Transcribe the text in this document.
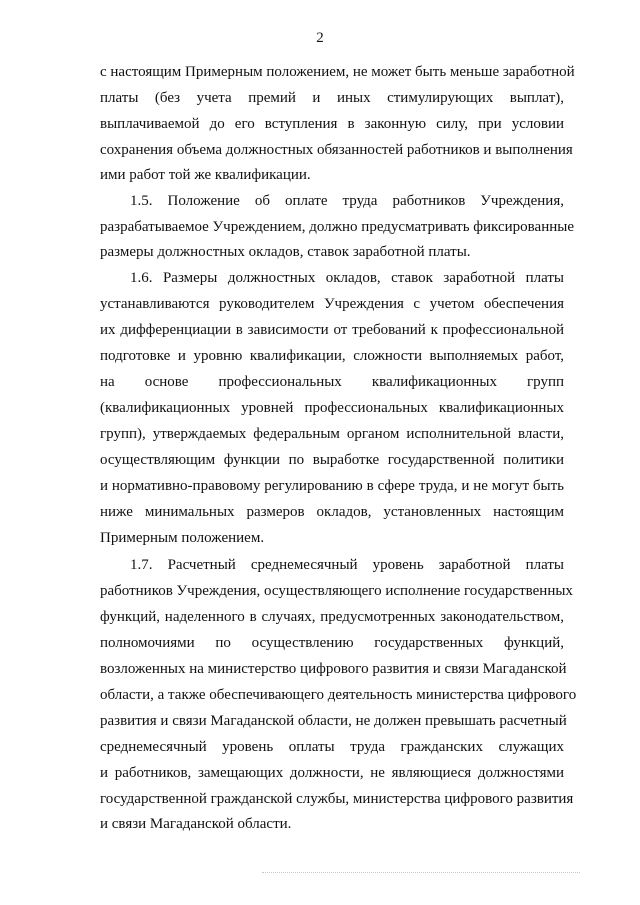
2
с настоящим Примерным положением, не может быть меньше заработной
платы (без учета премий и иных стимулирующих выплат),
выплачиваемой до его вступления в законную силу, при условии
сохранения объема должностных обязанностей работников и выполнения
ими работ той же квалификации.
1.5. Положение об оплате труда работников Учреждения,
разрабатываемое Учреждением, должно предусматривать фиксированные
размеры должностных окладов, ставок заработной платы.
1.6. Размеры должностных окладов, ставок заработной платы
устанавливаются руководителем Учреждения с учетом обеспечения
их дифференциации в зависимости от требований к профессиональной
подготовке и уровню квалификации, сложности выполняемых работ,
на основе профессиональных квалификационных групп
(квалификационных уровней профессиональных квалификационных
групп), утверждаемых федеральным органом исполнительной власти,
осуществляющим функции по выработке государственной политики
и нормативно-правовому регулированию в сфере труда, и не могут быть
ниже минимальных размеров окладов, установленных настоящим
Примерным положением.
1.7. Расчетный среднемесячный уровень заработной платы
работников Учреждения, осуществляющего исполнение государственных
функций, наделенного в случаях, предусмотренных законодательством,
полномочиями по осуществлению государственных функций,
возложенных на министерство цифрового развития и связи Магаданской
области, а также обеспечивающего деятельность министерства цифрового
развития и связи Магаданской области, не должен превышать расчетный
среднемесячный уровень оплаты труда гражданских служащих
и работников, замещающих должности, не являющиеся должностями
государственной гражданской службы, министерства цифрового развития
и связи Магаданской области.
